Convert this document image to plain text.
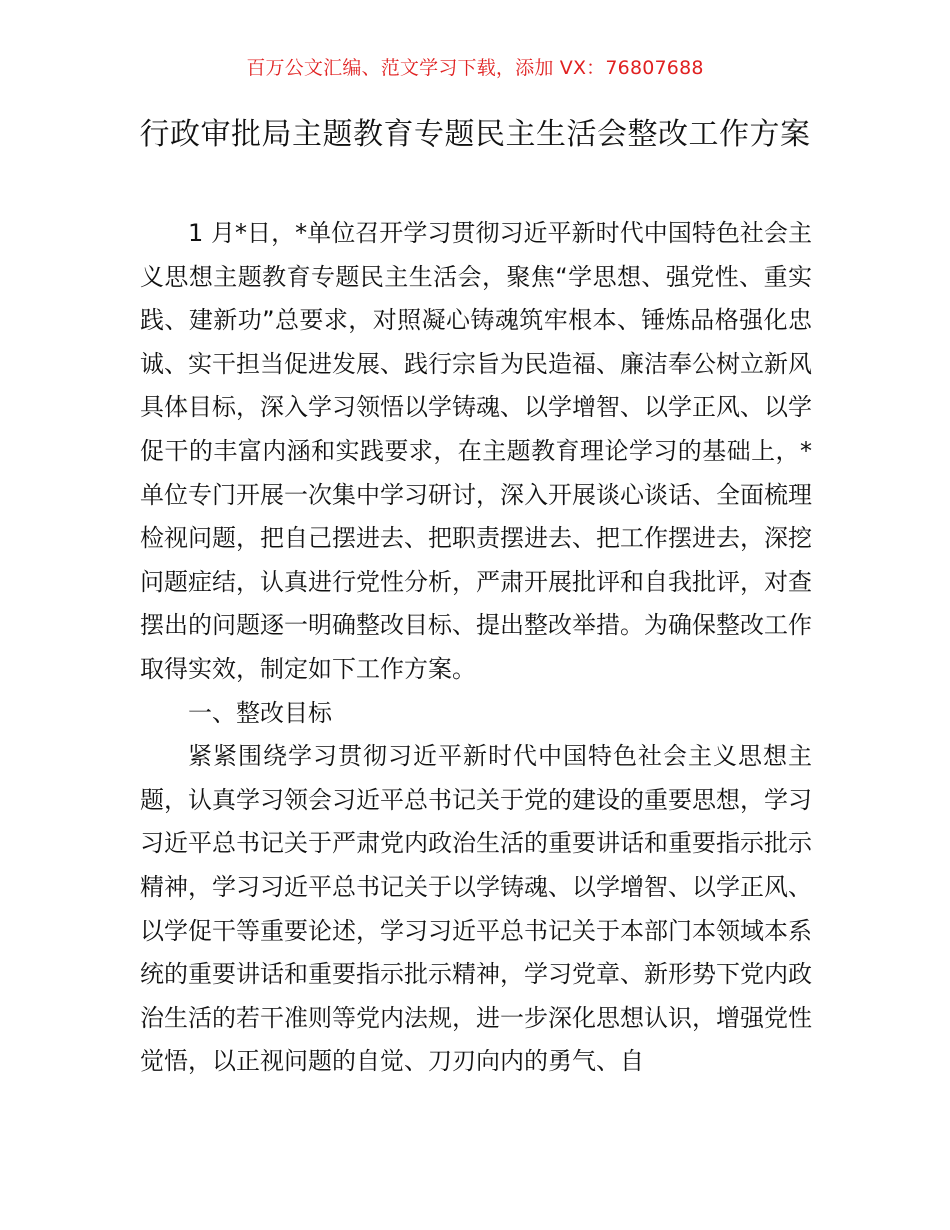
百万公文汇编、范文学习下载，添加 VX：76807688
行政审批局主题教育专题民主生活会整改工作方案

1 月*日，*单位召开学习贯彻习近平新时代中国特色社会主义思想主题教育专题民主生活会，聚焦“学思想、强党性、重实践、建新功”总要求，对照凝心铸魂筑牢根本、锤炼品格强化忠诚、实干担当促进发展、践行宗旨为民造福、廉洁奉公树立新风具体目标，深入学习领悟以学铸魂、以学增智、以学正风、以学促干的丰富内涵和实践要求，在主题教育理论学习的基础上，*单位专门开展一次集中学习研讨，深入开展谈心谈话、全面梳理检视问题，把自己摆进去、把职责摆进去、把工作摆进去，深挖问题症结，认真进行党性分析，严肃开展批评和自我批评，对查摆出的问题逐一明确整改目标、提出整改举措。为确保整改工作取得实效，制定如下工作方案。

一、整改目标

紧紧围绕学习贯彻习近平新时代中国特色社会主义思想主题，认真学习领会习近平总书记关于党的建设的重要思想，学习习近平总书记关于严肃党内政治生活的重要讲话和重要指示批示精神，学习习近平总书记关于以学铸魂、以学增智、以学正风、以学促干等重要论述，学习习近平总书记关于本部门本领域本系统的重要讲话和重要指示批示精神，学习党章、新形势下党内政治生活的若干准则等党内法规，进一步深化思想认识，增强党性觉悟，以正视问题的自觉、刀刃向内的勇气、自
